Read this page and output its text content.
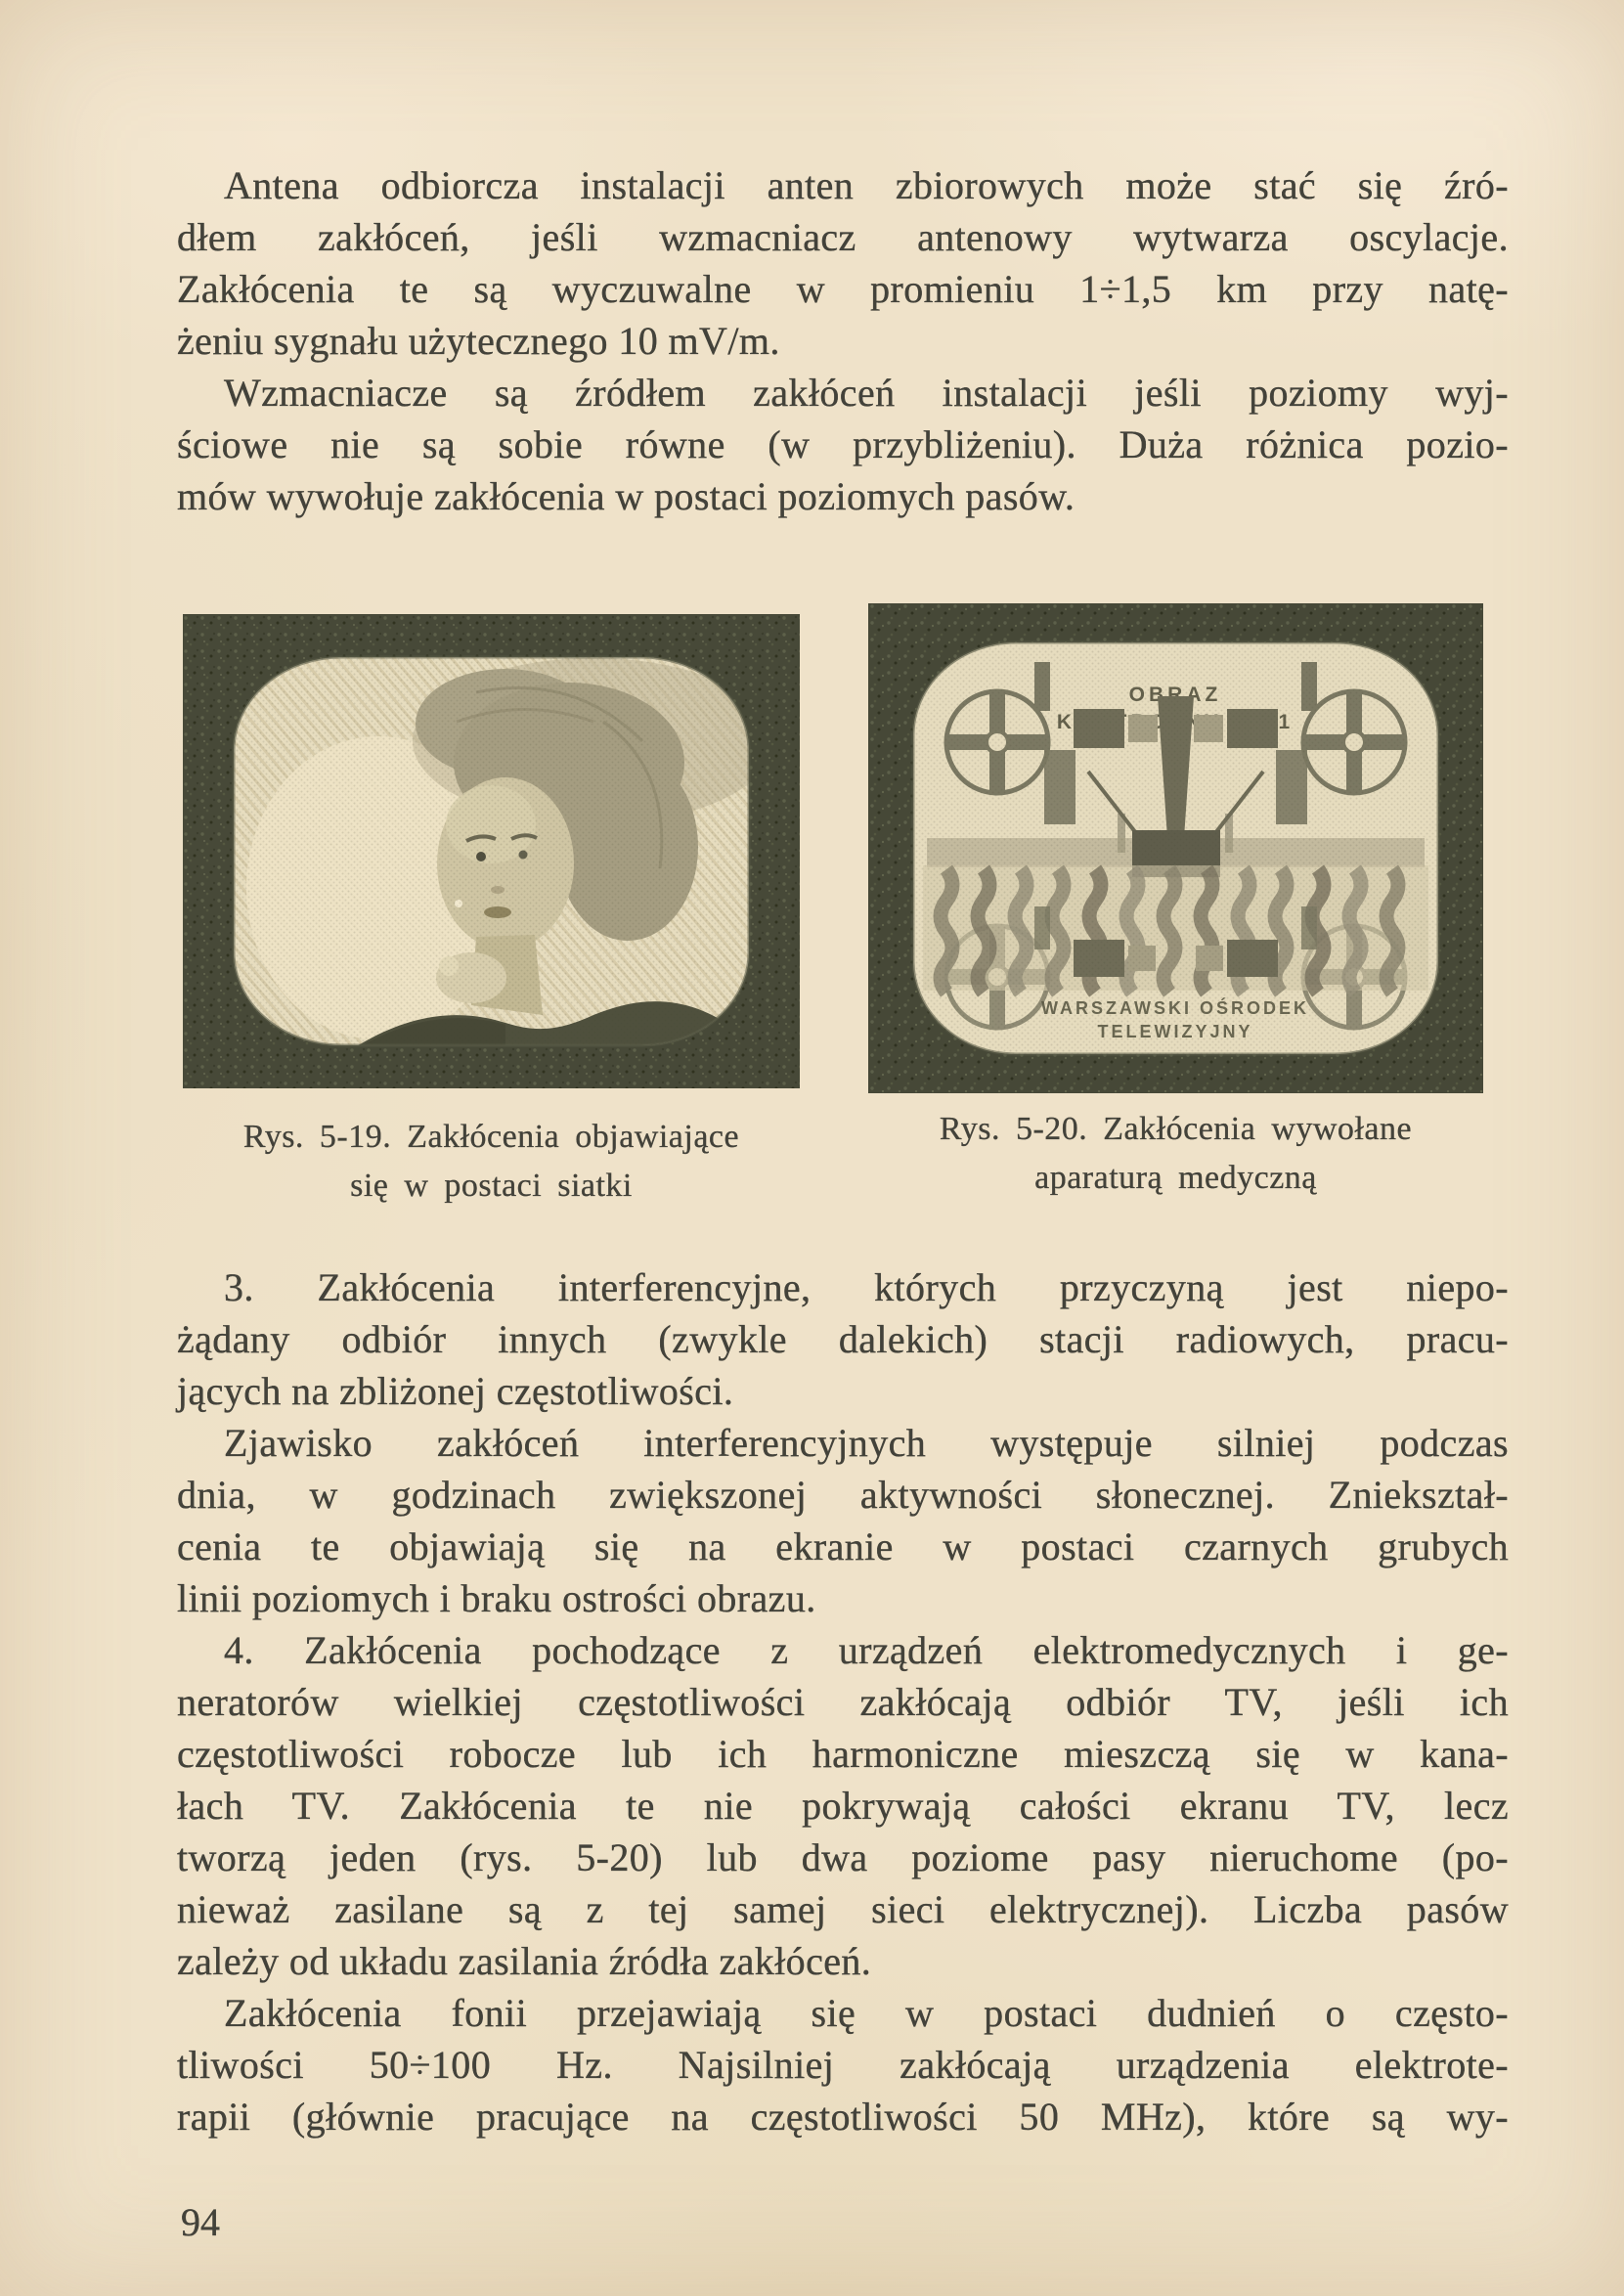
Antena odbiorcza instalacji anten zbiorowych może stać się źró-
dłem zakłóceń, jeśli wzmacniacz antenowy wytwarza oscylacje.
Zakłócenia te są wyczuwalne w promieniu 1÷1,5 km przy natę-
żeniu sygnału użytecznego 10 mV/m.
Wzmacniacze są źródłem zakłóceń instalacji jeśli poziomy wyj-
ściowe nie są sobie równe (w przybliżeniu). Duża różnica pozio-
mów wywołuje zakłócenia w postaci poziomych pasów.
Rys. 5-19. Zakłócenia objawiające
się w postaci siatki
Rys. 5-20. Zakłócenia wywołane
aparaturą medyczną
3. Zakłócenia interferencyjne, których przyczyną jest niepo-
żądany odbiór innych (zwykle dalekich) stacji radiowych, pracu-
jących na zbliżonej częstotliwości.
Zjawisko zakłóceń interferencyjnych występuje silniej podczas
dnia, w godzinach zwiększonej aktywności słonecznej. Zniekształ-
cenia te objawiają się na ekranie w postaci czarnych grubych
linii poziomych i braku ostrości obrazu.
4. Zakłócenia pochodzące z urządzeń elektromedycznych i ge-
neratorów wielkiej częstotliwości zakłócają odbiór TV, jeśli ich
częstotliwości robocze lub ich harmoniczne mieszczą się w kana-
łach TV. Zakłócenia te nie pokrywają całości ekranu TV, lecz
tworzą jeden (rys. 5-20) lub dwa poziome pasy nieruchome (po-
nieważ zasilane są z tej samej sieci elektrycznej). Liczba pasów
zależy od układu zasilania źródła zakłóceń.
Zakłócenia fonii przejawiają się w postaci dudnień o często-
tliwości 50÷100 Hz. Najsilniej zakłócają urządzenia elektrote-
rapii (głównie pracujące na częstotliwości 50 MHz), które są wy-
94
